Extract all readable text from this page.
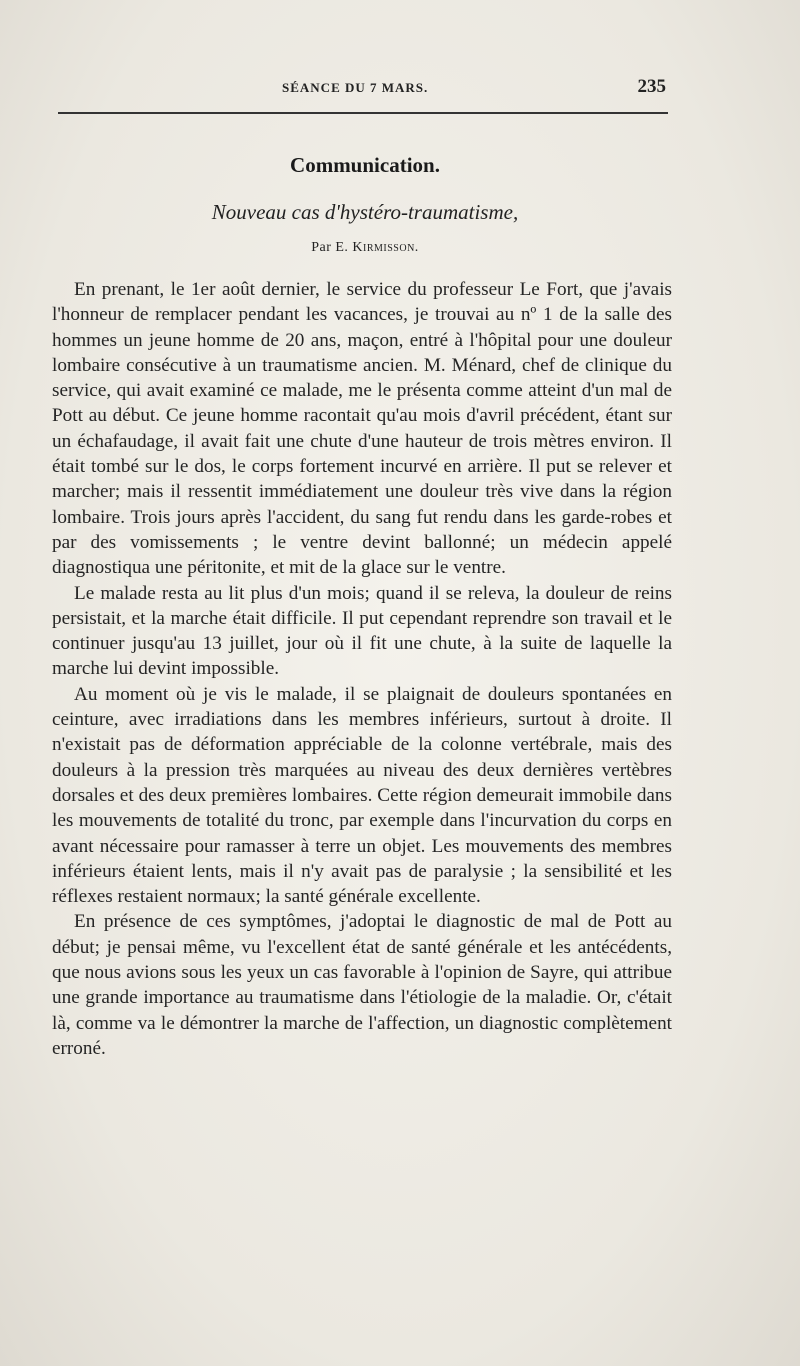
SÉANCE DU 7 MARS.	235
Communication.
Nouveau cas d'hystéro-traumatisme,
Par E. Kirmisson.

En prenant, le 1er août dernier, le service du professeur Le Fort, que j'avais l'honneur de remplacer pendant les vacances, je trouvai au nº 1 de la salle des hommes un jeune homme de 20 ans, maçon, entré à l'hôpital pour une douleur lombaire consécutive à un traumatisme ancien. M. Ménard, chef de clinique du service, qui avait examiné ce malade, me le présenta comme atteint d'un mal de Pott au début. Ce jeune homme racontait qu'au mois d'avril précédent, étant sur un échafaudage, il avait fait une chute d'une hauteur de trois mètres environ. Il était tombé sur le dos, le corps fortement incurvé en arrière. Il put se relever et marcher; mais il ressentit immédiatement une douleur très vive dans la région lombaire. Trois jours après l'accident, du sang fut rendu dans les garde-robes et par des vomissements ; le ventre devint ballonné; un médecin appelé diagnostiqua une péritonite, et mit de la glace sur le ventre.

Le malade resta au lit plus d'un mois; quand il se releva, la douleur de reins persistait, et la marche était difficile. Il put cependant reprendre son travail et le continuer jusqu'au 13 juillet, jour où il fit une chute, à la suite de laquelle la marche lui devint impossible.

Au moment où je vis le malade, il se plaignait de douleurs spontanées en ceinture, avec irradiations dans les membres inférieurs, surtout à droite. Il n'existait pas de déformation appréciable de la colonne vertébrale, mais des douleurs à la pression très marquées au niveau des deux dernières vertèbres dorsales et des deux premières lombaires. Cette région demeurait immobile dans les mouvements de totalité du tronc, par exemple dans l'incurvation du corps en avant nécessaire pour ramasser à terre un objet. Les mouvements des membres inférieurs étaient lents, mais il n'y avait pas de paralysie ; la sensibilité et les réflexes restaient normaux; la santé générale excellente.

En présence de ces symptômes, j'adoptai le diagnostic de mal de Pott au début; je pensai même, vu l'excellent état de santé générale et les antécédents, que nous avions sous les yeux un cas favorable à l'opinion de Sayre, qui attribue une grande importance au traumatisme dans l'étiologie de la maladie. Or, c'était là, comme va le démontrer la marche de l'affection, un diagnostic complètement erroné.
